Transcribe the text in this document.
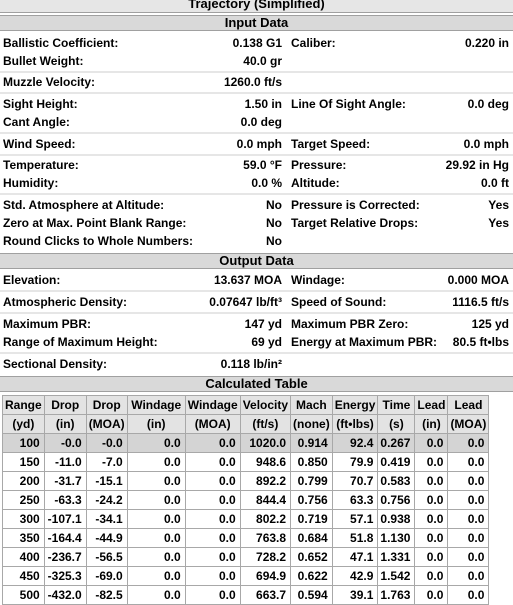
Trajectory (Simplified)
Input Data
Ballistic Coefficient:	0.138 G1 Caliber:	0.220 in
Bullet Weight:	40.0 gr
Muzzle Velocity:	1260.0 ft/s
Sight Height:	1.50 in Line Of Sight Angle:	0.0 deg
Cant Angle:	0.0 deg
Wind Speed:	0.0 mph Target Speed:	0.0 mph
Temperature:	59.0 °F Pressure:	29.92 in Hg
Humidity:	0.0 % Altitude:	0.0 ft
Std. Atmosphere at Altitude:	No Pressure is Corrected:	Yes
Zero at Max. Point Blank Range:	No Target Relative Drops:	Yes
Round Clicks to Whole Numbers:	No
Output Data
Elevation:	13.637 MOA Windage:	0.000 MOA
Atmospheric Density:	0.07647 lb/ft³ Speed of Sound:	1116.5 ft/s
Maximum PBR:	147 yd Maximum PBR Zero:	125 yd
Range of Maximum Height:	69 yd Energy at Maximum PBR:	80.5 ft•lbs
Sectional Density:	0.118 lb/in²
Calculated Table
Range	Drop	Drop	Windage	Windage	Velocity	Mach	Energy	Time	Lead	Lead
(yd)	(in)	(MOA)	(in)	(MOA)	(ft/s)	(none)	(ft•lbs)	(s)	(in)	(MOA)
100	-0.0	-0.0	0.0	0.0	1020.0	0.914	92.4	0.267	0.0	0.0
150	-11.0	-7.0	0.0	0.0	948.6	0.850	79.9	0.419	0.0	0.0
200	-31.7	-15.1	0.0	0.0	892.2	0.799	70.7	0.583	0.0	0.0
250	-63.3	-24.2	0.0	0.0	844.4	0.756	63.3	0.756	0.0	0.0
300	-107.1	-34.1	0.0	0.0	802.2	0.719	57.1	0.938	0.0	0.0
350	-164.4	-44.9	0.0	0.0	763.8	0.684	51.8	1.130	0.0	0.0
400	-236.7	-56.5	0.0	0.0	728.2	0.652	47.1	1.331	0.0	0.0
450	-325.3	-69.0	0.0	0.0	694.9	0.622	42.9	1.542	0.0	0.0
500	-432.0	-82.5	0.0	0.0	663.7	0.594	39.1	1.763	0.0	0.0
